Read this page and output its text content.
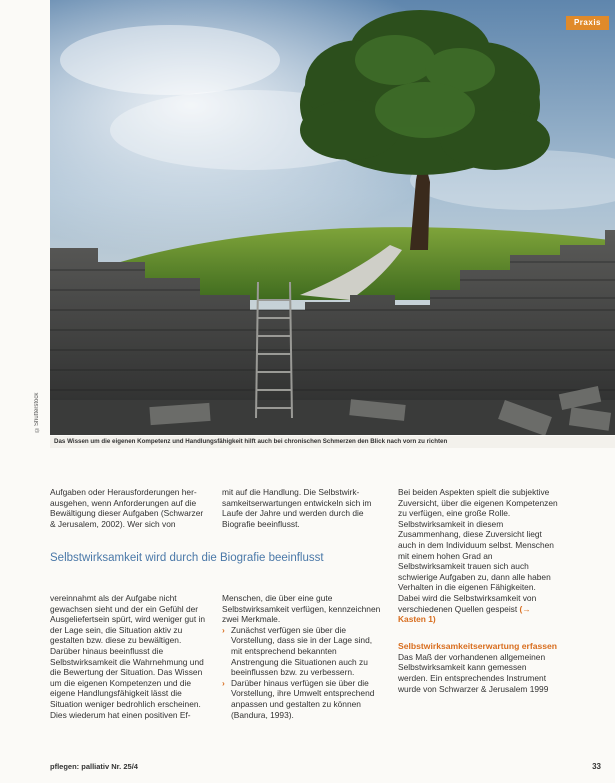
Praxis
©Shutterstock
Das Wissen um die eigenen Kompetenz und Handlungsfähigkeit hilft auch bei chronischen Schmerzen den Blick nach vorn zu richten

Aufgaben oder Herausforderungen her-ausgehen, wenn Anforderungen auf die Bewältigung dieser Aufgaben (Schwarzer & Jerusalem, 2002). Wer sich von

mit auf die Handlung. Die Selbstwirk-samkeitserwartungen entwickeln sich im Laufe der Jahre und werden durch die Biografie beeinflusst.

Selbstwirksamkeit wird durch die Biografie beeinflusst

vereinnahmt als der Aufgabe nicht gewachsen sieht und der ein Gefühl der Ausgeliefertsein spürt, wird weniger gut in der Lage sein, die Situation aktiv zu gestalten bzw. diese zu bewältigen. Darüber hinaus beeinflusst die Selbstwirksamkeit die Wahrnehmung und die Bewertung der Situation. Das Wissen um die eigenen Kompetenzen und die eigene Handlungsfähigkeit lässt die Situation weniger bedrohlich erscheinen. Dies wiederum hat einen positiven Ef-

Menschen, die über eine gute Selbstwirksamkeit verfügen, kennzeichnen zwei Merkmale.

› Zunächst verfügen sie über die Vorstellung, dass sie in der Lage sind, mit entsprechend bekannten Anstrengung die Situationen auch zu beeinflussen bzw. zu verbessern.

› Darüber hinaus verfügen sie über die Vorstellung, ihre Umwelt entsprechend anpassen und gestalten zu können (Bandura, 1993).

Bei beiden Aspekten spielt die subjektive Zuversicht, über die eigenen Kompetenzen zu verfügen, eine große Rolle. Selbstwirksamkeit in diesem Zusammenhang, diese Zuversicht liegt auch in dem Individuum selbst. Menschen mit einem hohen Grad an Selbstwirksamkeit trauen sich auch schwierige Aufgaben zu, dann alle haben Verhalten in die eigenen Fähigkeiten. Dabei wird die Selbstwirksamkeit von verschiedenen Quellen gespeist (→ Kasten 1)

Selbstwirksamkeitserwartung erfassen

Das Maß der vorhandenen allgemeinen Selbstwirksamkeit kann gemessen werden. Ein entsprechendes Instrument wurde von Schwarzer & Jerusalem 1999

pflegen: palliativ Nr. 25/4	33
